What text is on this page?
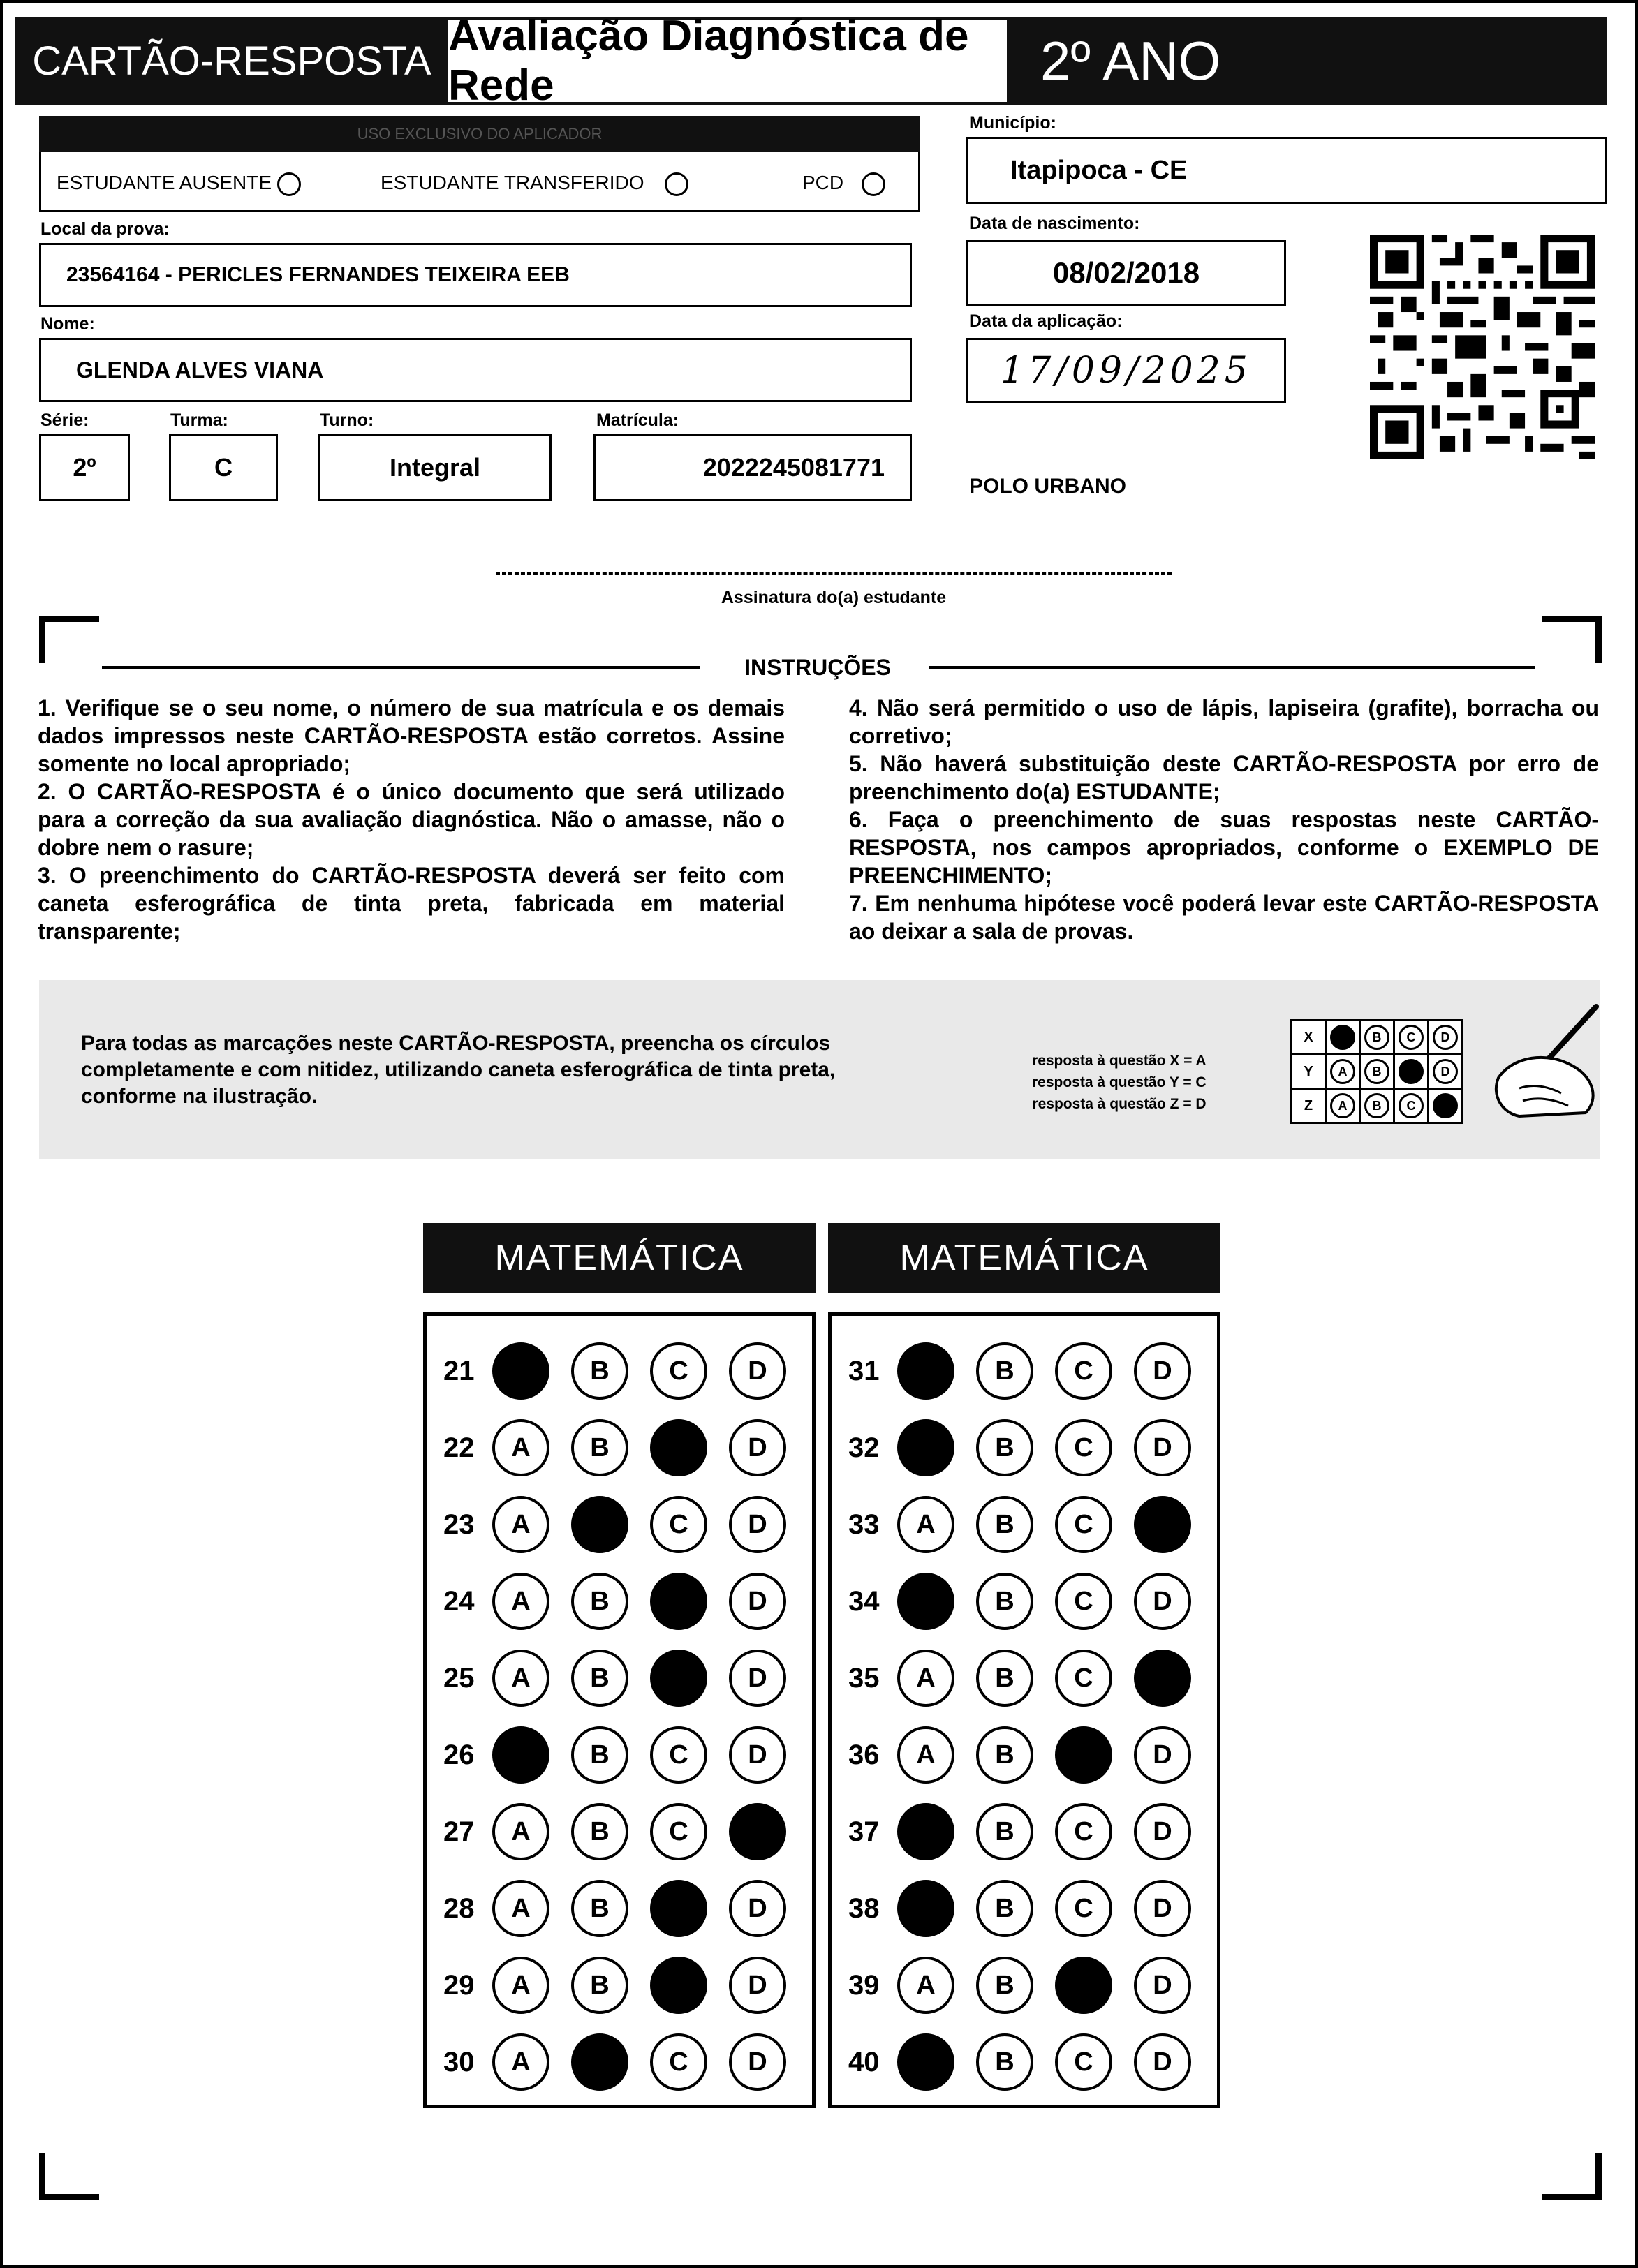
CARTÃO-RESPOSTA
Avaliação Diagnóstica de Rede	2º ANO
USO EXCLUSIVO DO APLICADOR
ESTUDANTE AUSENTE	ESTUDANTE TRANSFERIDO	PCD
Local da prova:
23564164 - PERICLES FERNANDES TEIXEIRA EEB
Nome:
GLENDA ALVES VIANA
Série:
2º
Turma:
C
Turno:
Integral
Matrícula:
2022245081771
Município:
Itapipoca - CE
Data de nascimento:
08/02/2018
Data da aplicação:
17/09/2025
POLO URBANO
Assinatura do(a) estudante
INSTRUÇÕES

1. Verifique se o seu nome, o número de sua matrícula e os demais dados impressos neste CARTÃO-RESPOSTA estão corretos. Assine somente no local apropriado;

2. O CARTÃO-RESPOSTA é o único documento que será utilizado para a correção da sua avaliação diagnóstica. Não o amasse, não o dobre nem o rasure;

3. O preenchimento do CARTÃO-RESPOSTA deverá ser feito com caneta esferográfica de tinta preta, fabricada em material transparente;

4. Não será permitido o uso de lápis, lapiseira (grafite), borracha ou corretivo;

5. Não haverá substituição deste CARTÃO-RESPOSTA por erro de preenchimento do(a) ESTUDANTE;

6. Faça o preenchimento de suas respostas neste CARTÃO-RESPOSTA, nos campos apropriados, conforme o EXEMPLO DE PREENCHIMENTO;

7. Em nenhuma hipótese você poderá levar este CARTÃO-RESPOSTA ao deixar a sala de provas.

Para todas as marcações neste CARTÃO-RESPOSTA, preencha os círculos completamente e com nitidez, utilizando caneta esferográfica de tinta preta, conforme na ilustração.
resposta à questão X = A
resposta à questão Y = C
resposta à questão Z = D
X	A	B	C	D
Y	A	B	C	D
Z	A	B	C	D
MATEMÁTICA	MATEMÁTICA
21	A	B	C	D
22	A	B	C	D
23	A	B	C	D
24	A	B	C	D
25	A	B	C	D
26	A	B	C	D
27	A	B	C	D
28	A	B	C	D
29	A	B	C	D
30	A	B	C	D
31	A	B	C	D
32	A	B	C	D
33	A	B	C	D
34	A	B	C	D
35	A	B	C	D
36	A	B	C	D
37	A	B	C	D
38	A	B	C	D
39	A	B	C	D
40	A	B	C	D
